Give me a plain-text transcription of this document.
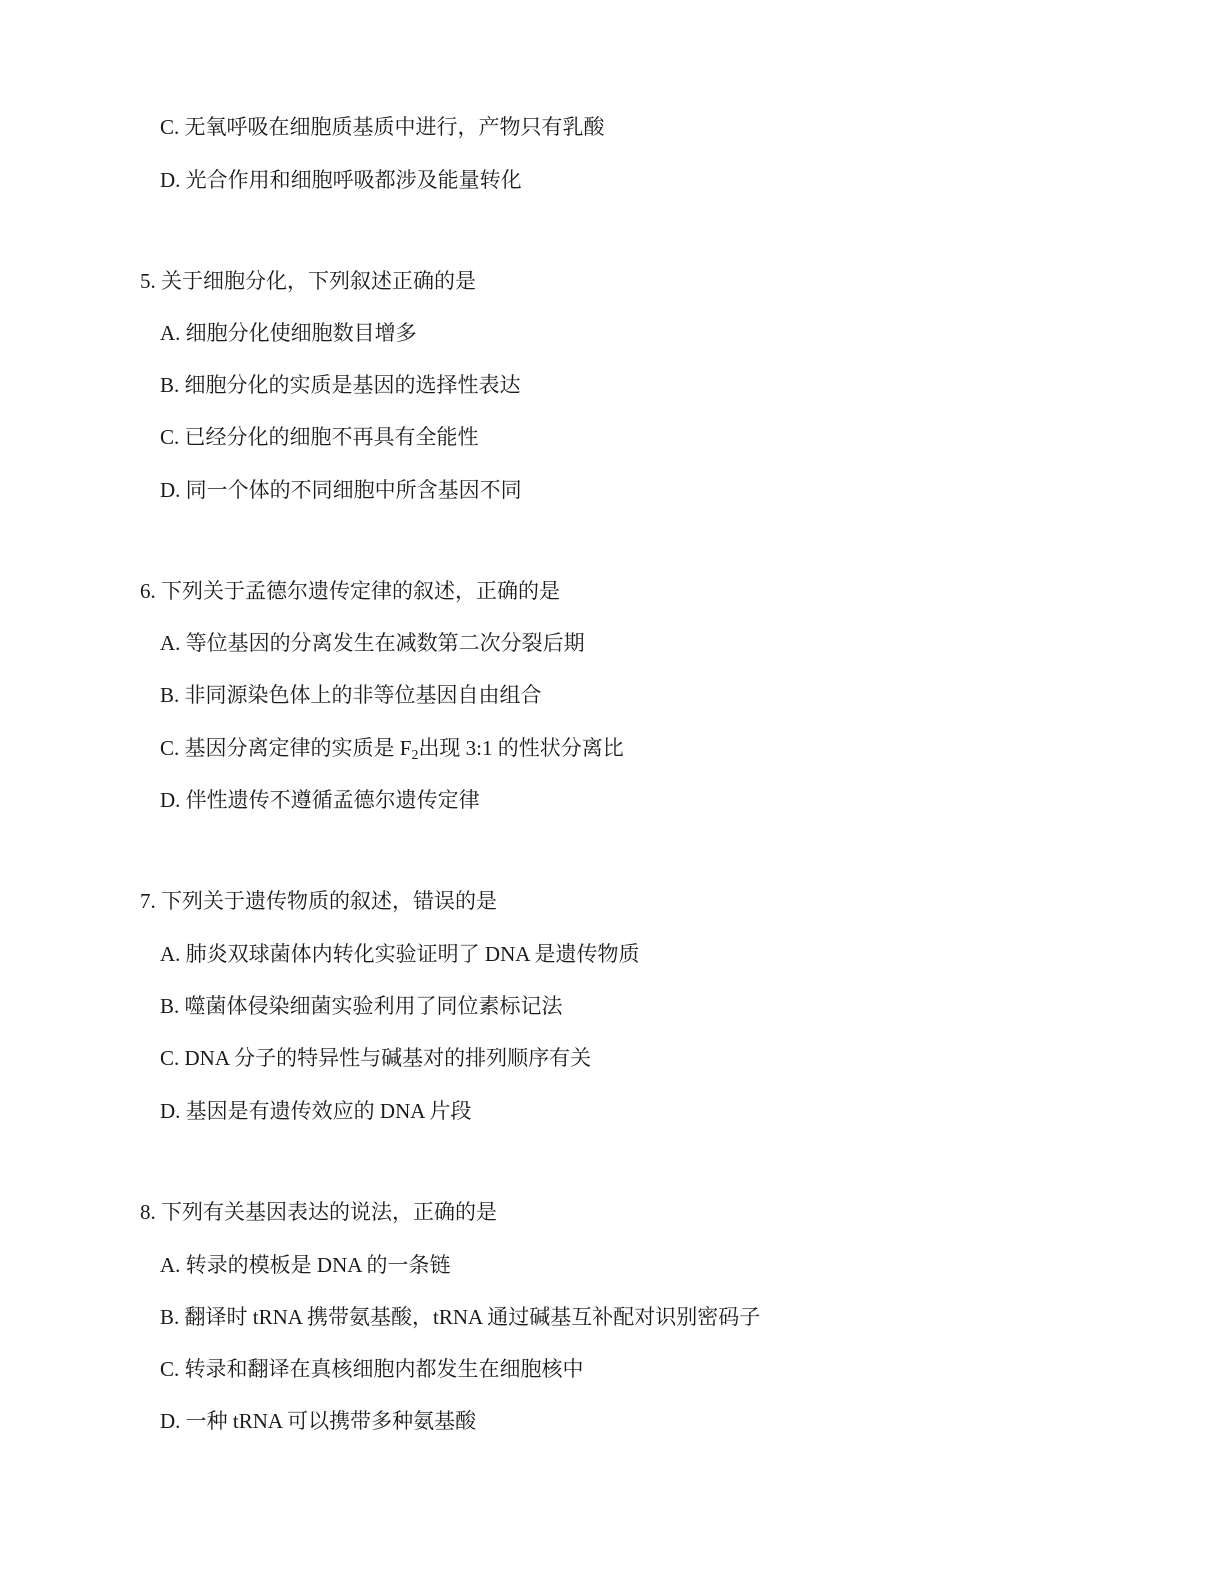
C. 无氧呼吸在细胞质基质中进行，产物只有乳酸
D. 光合作用和细胞呼吸都涉及能量转化
5. 关于细胞分化，下列叙述正确的是
A. 细胞分化使细胞数目增多
B. 细胞分化的实质是基因的选择性表达
C. 已经分化的细胞不再具有全能性
D. 同一个体的不同细胞中所含基因不同
6. 下列关于孟德尔遗传定律的叙述，正确的是
A. 等位基因的分离发生在减数第二次分裂后期
B. 非同源染色体上的非等位基因自由组合
C. 基因分离定律的实质是 $F_2$出现 3:1 的性状分离比
D. 伴性遗传不遵循孟德尔遗传定律
7. 下列关于遗传物质的叙述，错误的是
A. 肺炎双球菌体内转化实验证明了 DNA 是遗传物质
B. 噬菌体侵染细菌实验利用了同位素标记法
C. DNA 分子的特异性与碱基对的排列顺序有关
D. 基因是有遗传效应的 DNA 片段
8. 下列有关基因表达的说法，正确的是
A. 转录的模板是 DNA 的一条链
B. 翻译时 tRNA 携带氨基酸，tRNA 通过碱基互补配对识别密码子
C. 转录和翻译在真核细胞内都发生在细胞核中
D. 一种 tRNA 可以携带多种氨基酸
